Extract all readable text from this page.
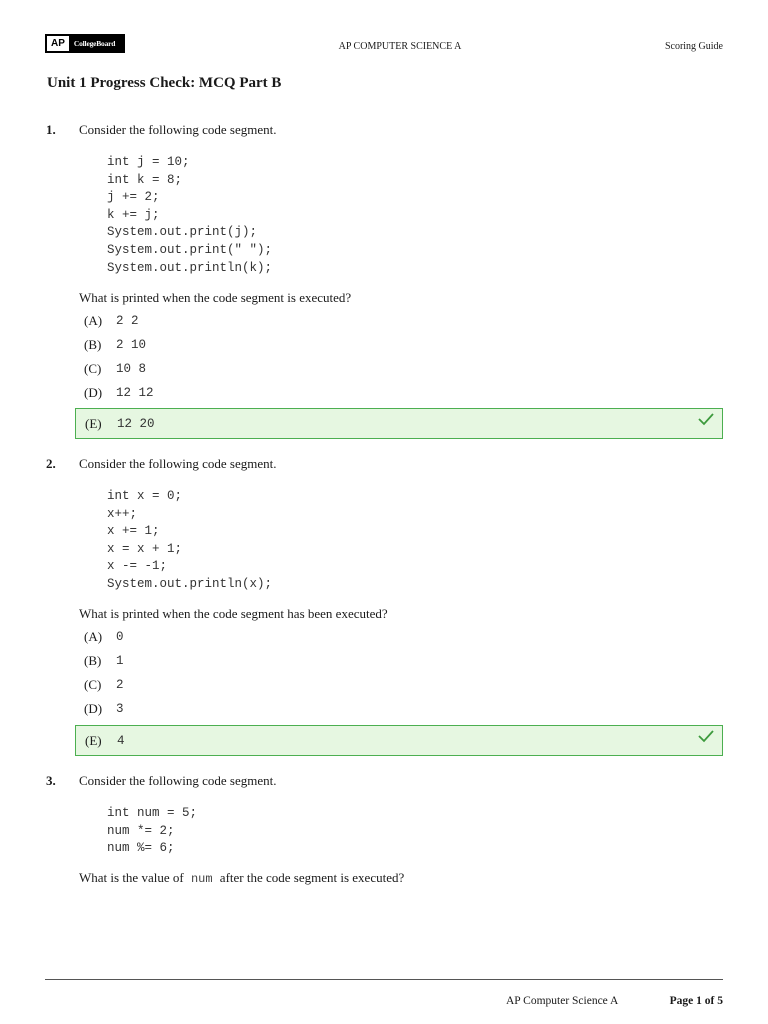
AP	CollegeBoard	AP COMPUTER SCIENCE A	Scoring Guide
Unit 1 Progress Check: MCQ Part B
1. Consider the following code segment.
int j = 10;
int k = 8;
j += 2;
k += j;
System.out.print(j);
System.out.print(" ");
System.out.println(k);
What is printed when the code segment is executed?
(A)	2 2
(B)	2 10
(C)	10 8
(D)	12 12
(E)	12 20
2. Consider the following code segment.
int x = 0;
x++;
x += 1;
x = x + 1;
x -= -1;
System.out.println(x);
What is printed when the code segment has been executed?
(A)	0
(B)	1
(C)	2
(D)	3
(E)	4
3. Consider the following code segment.
int num = 5;
num *= 2;
num %= 6;
What is the value of num after the code segment is executed?
AP Computer Science A	Page 1 of 5
